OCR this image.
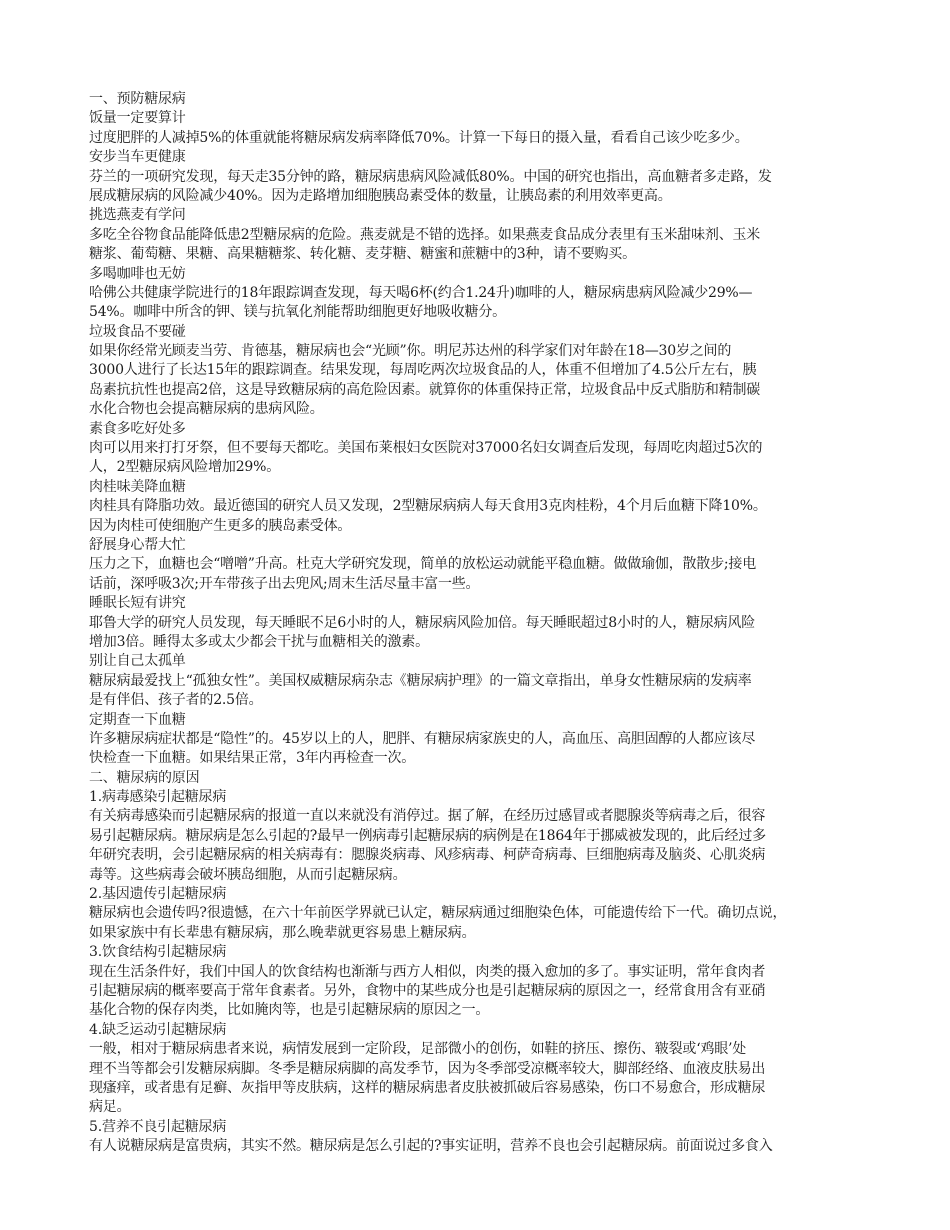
一、预防糖尿病
饭量一定要算计
过度肥胖的人减掉5%的体重就能将糖尿病发病率降低70%。计算一下每日的摄入量，看看自己该少吃多少。
安步当车更健康
芬兰的一项研究发现，每天走35分钟的路，糖尿病患病风险减低80%。中国的研究也指出，高血糖者多走路，发
展成糖尿病的风险减少40%。因为走路增加细胞胰岛素受体的数量，让胰岛素的利用效率更高。
挑选燕麦有学问
多吃全谷物食品能降低患2型糖尿病的危险。燕麦就是不错的选择。如果燕麦食品成分表里有玉米甜味剂、玉米
糖浆、葡萄糖、果糖、高果糖糖浆、转化糖、麦芽糖、糖蜜和蔗糖中的3种，请不要购买。
多喝咖啡也无妨
哈佛公共健康学院进行的18年跟踪调查发现，每天喝6杯(约合1.24升)咖啡的人，糖尿病患病风险减少29%—
54%。咖啡中所含的钾、镁与抗氧化剂能帮助细胞更好地吸收糖分。
垃圾食品不要碰
如果你经常光顾麦当劳、肯德基，糖尿病也会“光顾”你。明尼苏达州的科学家们对年龄在18—30岁之间的
3000人进行了长达15年的跟踪调查。结果发现，每周吃两次垃圾食品的人，体重不但增加了4.5公斤左右，胰
岛素抗抗性也提高2倍，这是导致糖尿病的高危险因素。就算你的体重保持正常，垃圾食品中反式脂肪和精制碳
水化合物也会提高糖尿病的患病风险。
素食多吃好处多
肉可以用来打打牙祭，但不要每天都吃。美国布莱根妇女医院对37000名妇女调查后发现，每周吃肉超过5次的
人，2型糖尿病风险增加29%。
肉桂味美降血糖
肉桂具有降脂功效。最近德国的研究人员又发现，2型糖尿病病人每天食用3克肉桂粉，4个月后血糖下降10%。
因为肉桂可使细胞产生更多的胰岛素受体。
舒展身心帮大忙
压力之下，血糖也会“噌噌”升高。杜克大学研究发现，简单的放松运动就能平稳血糖。做做瑜伽，散散步;接电
话前，深呼吸3次;开车带孩子出去兜风;周末生活尽量丰富一些。
睡眠长短有讲究
耶鲁大学的研究人员发现，每天睡眠不足6小时的人，糖尿病风险加倍。每天睡眠超过8小时的人，糖尿病风险
增加3倍。睡得太多或太少都会干扰与血糖相关的激素。
别让自己太孤单
糖尿病最爱找上“孤独女性”。美国权威糖尿病杂志《糖尿病护理》的一篇文章指出，单身女性糖尿病的发病率
是有伴侣、孩子者的2.5倍。
定期查一下血糖
许多糖尿病症状都是“隐性”的。45岁以上的人，肥胖、有糖尿病家族史的人，高血压、高胆固醇的人都应该尽
快检查一下血糖。如果结果正常，3年内再检查一次。
二、糖尿病的原因
1.病毒感染引起糖尿病
有关病毒感染而引起糖尿病的报道一直以来就没有消停过。据了解，在经历过感冒或者腮腺炎等病毒之后，很容
易引起糖尿病。糖尿病是怎么引起的?最早一例病毒引起糖尿病的病例是在1864年于挪威被发现的，此后经过多
年研究表明，会引起糖尿病的相关病毒有：腮腺炎病毒、风疹病毒、柯萨奇病毒、巨细胞病毒及脑炎、心肌炎病
毒等。这些病毒会破坏胰岛细胞，从而引起糖尿病。
2.基因遗传引起糖尿病
糖尿病也会遗传吗?很遗憾，在六十年前医学界就已认定，糖尿病通过细胞染色体，可能遗传给下一代。确切点说，
如果家族中有长辈患有糖尿病，那么晚辈就更容易患上糖尿病。
3.饮食结构引起糖尿病
现在生活条件好，我们中国人的饮食结构也渐渐与西方人相似，肉类的摄入愈加的多了。事实证明，常年食肉者
引起糖尿病的概率要高于常年食素者。另外，食物中的某些成分也是引起糖尿病的原因之一，经常食用含有亚硝
基化合物的保存肉类，比如腌肉等，也是引起糖尿病的原因之一。
4.缺乏运动引起糖尿病
一般，相对于糖尿病患者来说，病情发展到一定阶段，足部微小的创伤，如鞋的挤压、擦伤、皲裂或‘鸡眼’处
理不当等都会引发糖尿病脚。冬季是糖尿病脚的高发季节，因为冬季部受凉概率较大，脚部经络、血液皮肤易出
现瘙痒，或者患有足癣、灰指甲等皮肤病，这样的糖尿病患者皮肤被抓破后容易感染，伤口不易愈合，形成糖尿
病足。
5.营养不良引起糖尿病
有人说糖尿病是富贵病，其实不然。糖尿病是怎么引起的?事实证明，营养不良也会引起糖尿病。前面说过多食入
